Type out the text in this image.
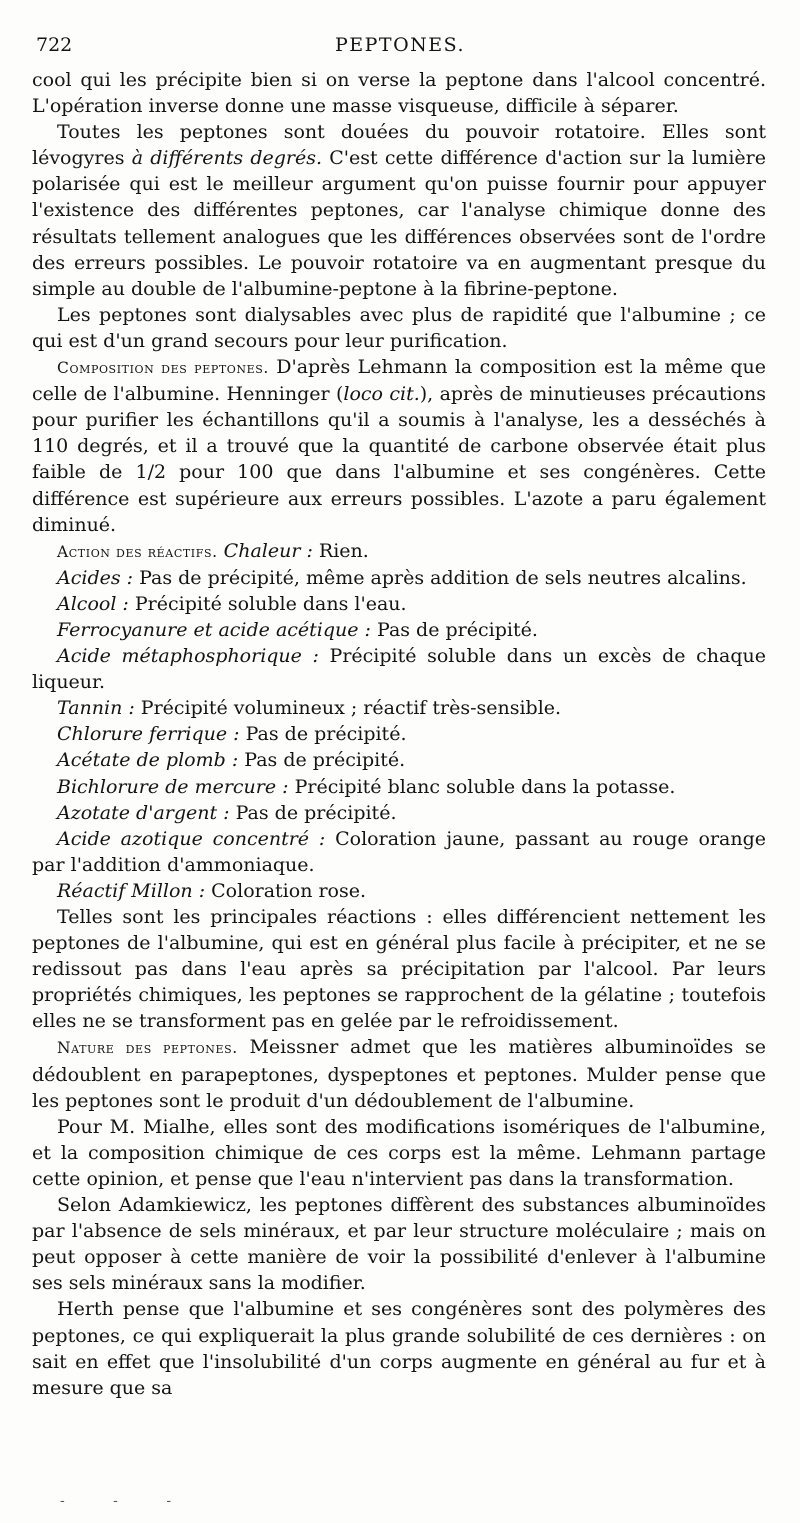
722	PEPTONES.

cool qui les précipite bien si on verse la peptone dans l'alcool concentré. L'opération inverse donne une masse visqueuse, difficile à séparer.

Toutes les peptones sont douées du pouvoir rotatoire. Elles sont lévogyres à différents degrés. C'est cette différence d'action sur la lumière polarisée qui est le meilleur argument qu'on puisse fournir pour appuyer l'existence des différentes peptones, car l'analyse chimique donne des résultats tellement analogues que les différences observées sont de l'ordre des erreurs possibles. Le pouvoir rotatoire va en augmentant presque du simple au double de l'albumine-peptone à la fibrine-peptone.

Les peptones sont dialysables avec plus de rapidité que l'albumine ; ce qui est d'un grand secours pour leur purification.

Composition des peptones. D'après Lehmann la composition est la même que celle de l'albumine. Henninger (loco cit.), après de minutieuses précautions pour purifier les échantillons qu'il a soumis à l'analyse, les a desséchés à 110 degrés, et il a trouvé que la quantité de carbone observée était plus faible de 1/2 pour 100 que dans l'albumine et ses congénères. Cette différence est supérieure aux erreurs possibles. L'azote a paru également diminué.

Action des réactifs. Chaleur : Rien.

Acides : Pas de précipité, même après addition de sels neutres alcalins.

Alcool : Précipité soluble dans l'eau.

Ferrocyanure et acide acétique : Pas de précipité.

Acide métaphosphorique : Précipité soluble dans un excès de chaque liqueur.

Tannin : Précipité volumineux ; réactif très-sensible.

Chlorure ferrique : Pas de précipité.

Acétate de plomb : Pas de précipité.

Bichlorure de mercure : Précipité blanc soluble dans la potasse.

Azotate d'argent : Pas de précipité.

Acide azotique concentré : Coloration jaune, passant au rouge orange par l'addition d'ammoniaque.

Réactif Millon : Coloration rose.

Telles sont les principales réactions : elles différencient nettement les peptones de l'albumine, qui est en général plus facile à précipiter, et ne se redissout pas dans l'eau après sa précipitation par l'alcool. Par leurs propriétés chimiques, les peptones se rapprochent de la gélatine ; toutefois elles ne se transforment pas en gelée par le refroidissement.

Nature des peptones. Meissner admet que les matières albuminoïdes se dédoublent en parapeptones, dyspeptones et peptones. Mulder pense que les peptones sont le produit d'un dédoublement de l'albumine.

Pour M. Mialhe, elles sont des modifications isomériques de l'albumine, et la composition chimique de ces corps est la même. Lehmann partage cette opinion, et pense que l'eau n'intervient pas dans la transformation.

Selon Adamkiewicz, les peptones diffèrent des substances albuminoïdes par l'absence de sels minéraux, et par leur structure moléculaire ; mais on peut opposer à cette manière de voir la possibilité d'enlever à l'albumine ses sels minéraux sans la modifier.

Herth pense que l'albumine et ses congénères sont des polymères des peptones, ce qui expliquerait la plus grande solubilité de ces dernières : on sait en effet que l'insolubilité d'un corps augmente en général au fur et à mesure que sa

- - -
